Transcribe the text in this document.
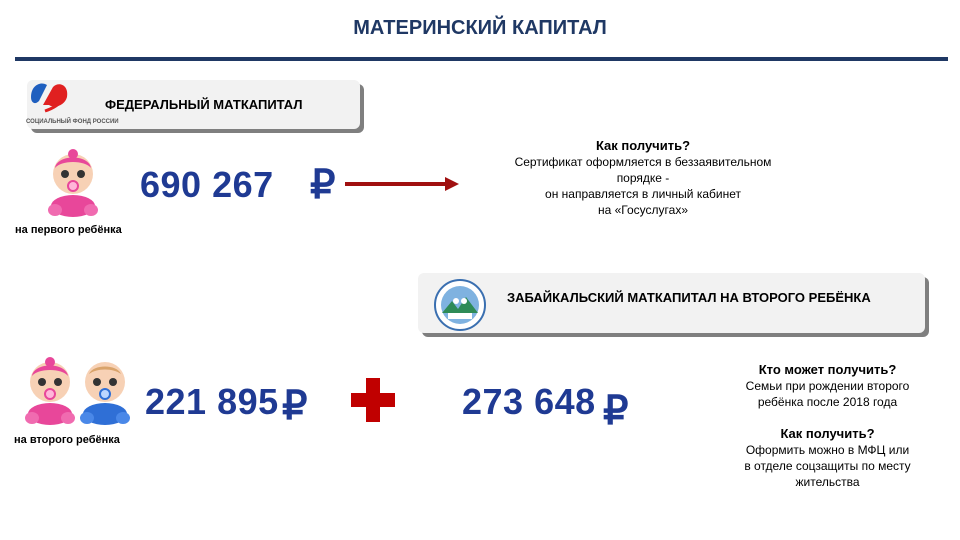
МАТЕРИНСКИЙ КАПИТАЛ
СОЦИАЛЬНЫЙ ФОНД РОССИИ
ФЕДЕРАЛЬНЫЙ МАТКАПИТАЛ
на первого ребёнка
690 267 ₽
Как получить?
Сертификат оформляется в беззаявительном
порядке -
он направляется в личный кабинет
на «Госуслугах»
ЗАБАЙКАЛЬСКИЙ МАТКАПИТАЛ НА ВТОРОГО РЕБЁНКА
на второго ребёнка
221 895 ₽	273 648 ₽
Кто может получить?
Семьи при рождении второго
ребёнка после 2018 года
Как получить?
Оформить можно в МФЦ или
в отделе соцзащиты по месту
жительства
